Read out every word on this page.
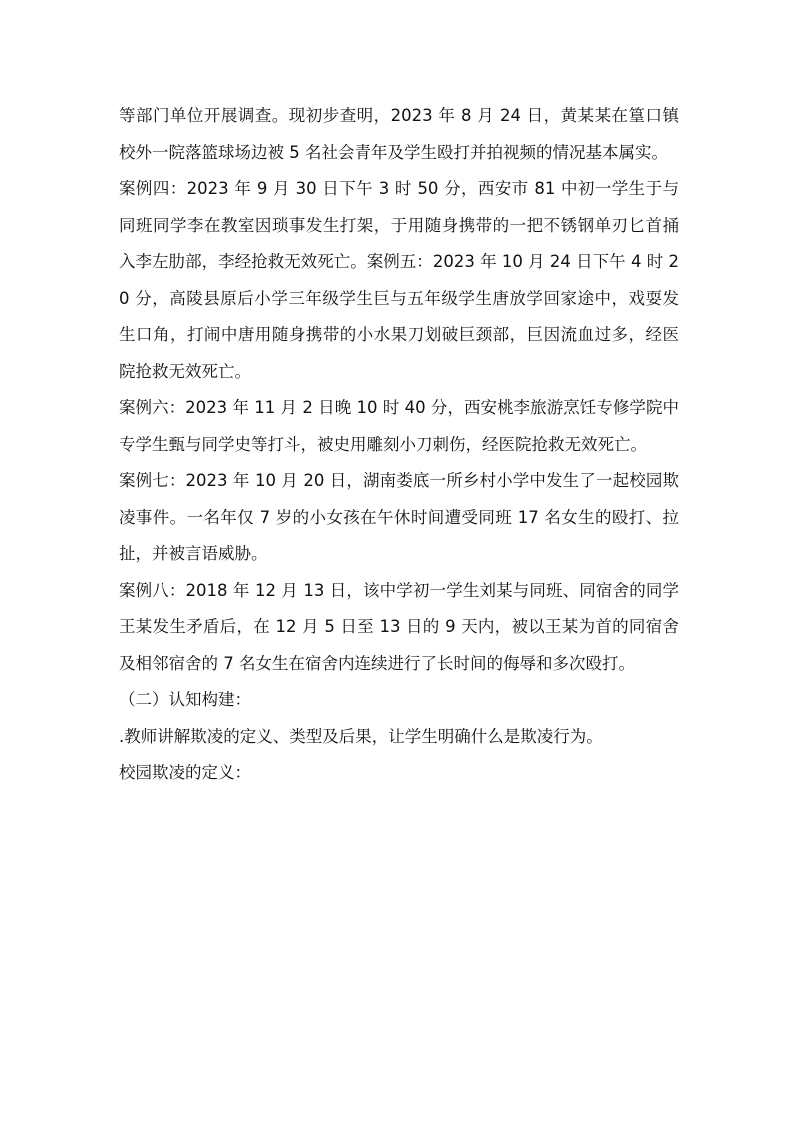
等部门单位开展调查。现初步查明，2023 年 8 月 24 日，黄某某在篁口镇校外一院落篮球场边被 5 名社会青年及学生殴打并拍视频的情况基本属实。

案例四：2023 年 9 月 30 日下午 3 时 50 分，西安市 81 中初一学生于与同班同学李在教室因琐事发生打架，于用随身携带的一把不锈钢单刃匕首捅入李左肋部，李经抢救无效死亡。案例五：2023 年 10 月 24 日下午 4 时 20 分，高陵县原后小学三年级学生巨与五年级学生唐放学回家途中，戏耍发生口角，打闹中唐用随身携带的小水果刀划破巨颈部，巨因流血过多，经医院抢救无效死亡。

案例六：2023 年 11 月 2 日晚 10 时 40 分，西安桃李旅游烹饪专修学院中专学生甄与同学史等打斗，被史用雕刻小刀刺伤，经医院抢救无效死亡。

案例七：2023 年 10 月 20 日，湖南娄底一所乡村小学中发生了一起校园欺凌事件。一名年仅 7 岁的小女孩在午休时间遭受同班 17 名女生的殴打、拉扯，并被言语威胁。

案例八：2018 年 12 月 13 日，该中学初一学生刘某与同班、同宿舍的同学王某发生矛盾后，在 12 月 5 日至 13 日的 9 天内，被以王某为首的同宿舍及相邻宿舍的 7 名女生在宿舍内连续进行了长时间的侮辱和多次殴打。

（二）认知构建：

.教师讲解欺凌的定义、类型及后果，让学生明确什么是欺凌行为。

校园欺凌的定义：
